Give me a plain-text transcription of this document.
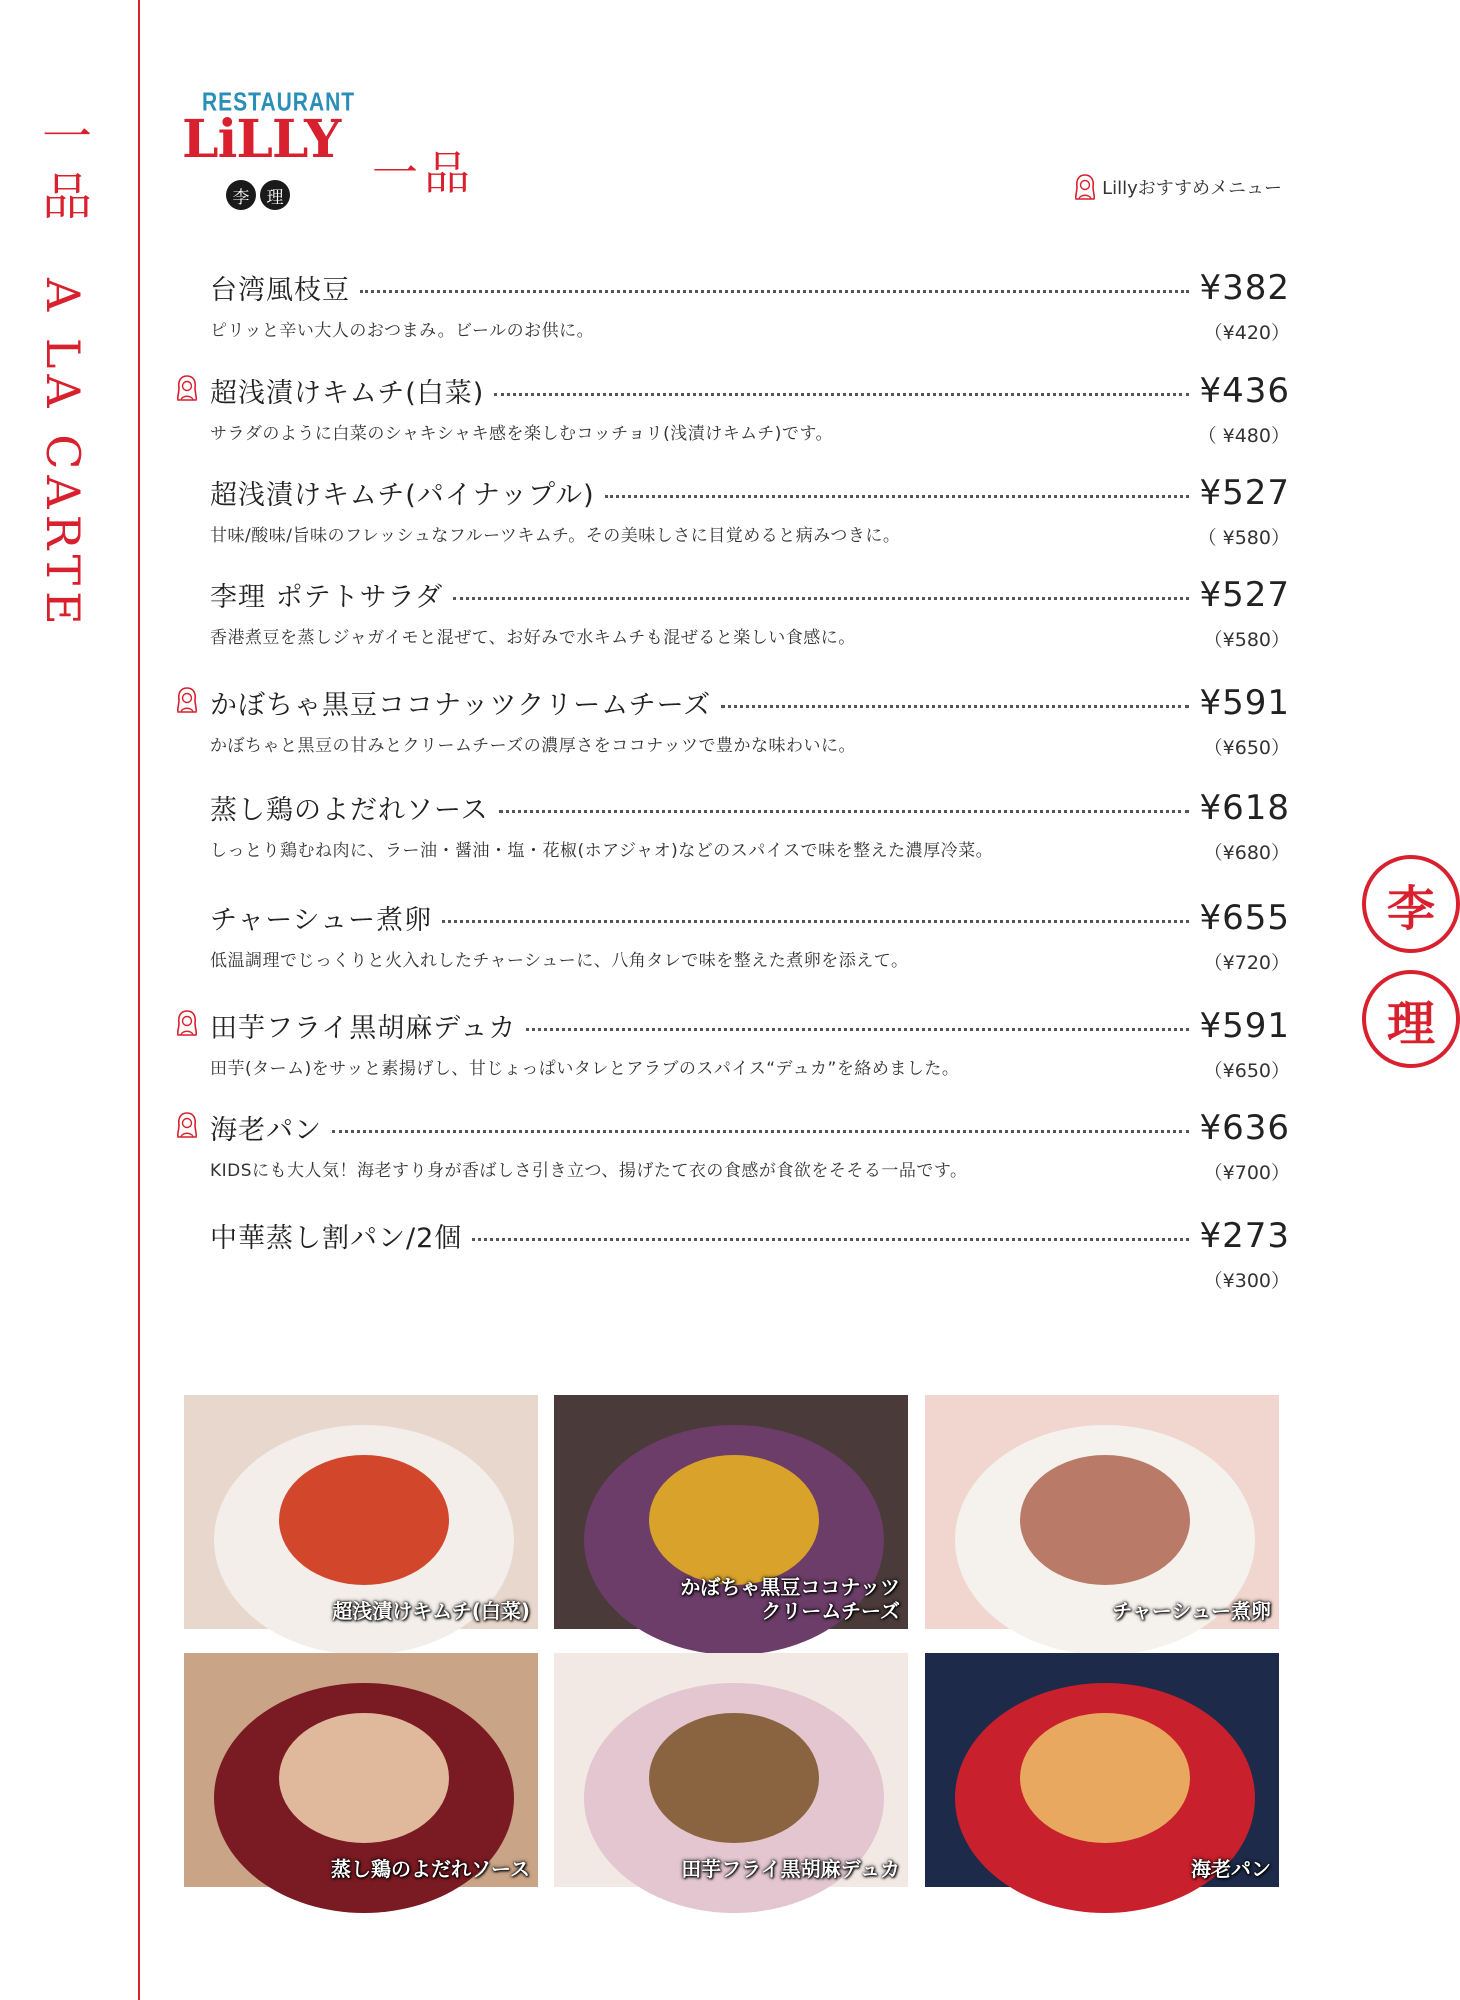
一品 A LA CARTE
RESTAURANT
LiLLY
李	理 一品	Lillyおすすめメニュー
台湾風枝豆	¥382
ピリッと辛い大人のおつまみ。ビールのお供に。	（¥420）
超浅漬けキムチ(白菜)	¥436
サラダのように白菜のシャキシャキ感を楽しむコッチョリ(浅漬けキムチ)です。	（ ¥480）
超浅漬けキムチ(パイナップル)	¥527
甘味/酸味/旨味のフレッシュなフルーツキムチ。その美味しさに目覚めると病みつきに。	（ ¥580）
李理 ポテトサラダ	¥527
香港煮豆を蒸しジャガイモと混ぜて、お好みで水キムチも混ぜると楽しい食感に。	（¥580）
かぼちゃ黒豆ココナッツクリームチーズ	¥591
かぼちゃと黒豆の甘みとクリームチーズの濃厚さをココナッツで豊かな味わいに。	（¥650）
蒸し鶏のよだれソース	¥618
しっとり鶏むね肉に、ラー油・醤油・塩・花椒(ホアジャオ)などのスパイスで味を整えた濃厚冷菜。	（¥680）
チャーシュー煮卵	¥655
低温調理でじっくりと火入れしたチャーシューに、八角タレで味を整えた煮卵を添えて。	（¥720）
田芋フライ黒胡麻デュカ	¥591
田芋(ターム)をサッと素揚げし、甘じょっぱいタレとアラブのスパイス“デュカ”を絡めました。	（¥650）
海老パン	¥636
KIDSにも大人気！海老すり身が香ばしさ引き立つ、揚げたて衣の食感が食欲をそそる一品です。	（¥700）
中華蒸し割パン/2個	¥273
（¥300）
李
理
超浅漬けキムチ(白菜)
かぼちゃ黒豆ココナッツ
クリームチーズ	チャーシュー煮卵
蒸し鶏のよだれソース	田芋フライ黒胡麻デュカ	海老パン
